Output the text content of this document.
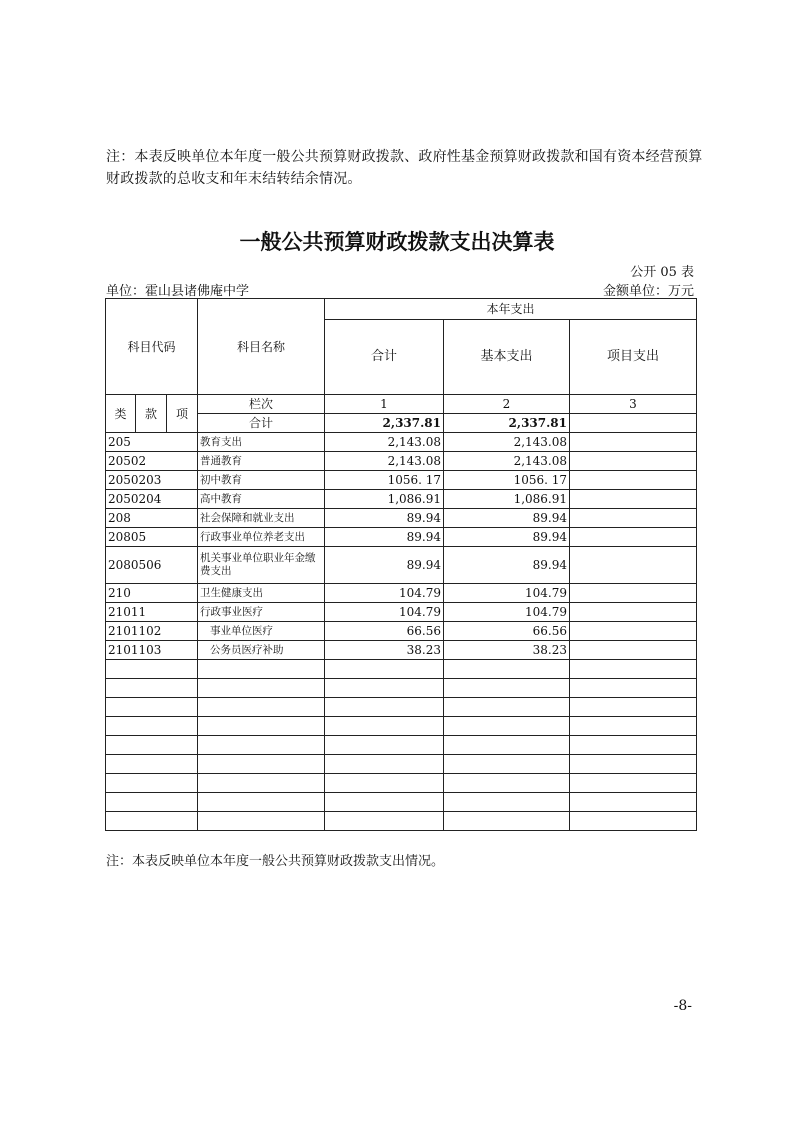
注：本表反映单位本年度一般公共预算财政拨款、政府性基金预算财政拨款和国有资本经营预算财政拨款的总收支和年末结转结余情况。
一般公共预算财政拨款支出决算表
公开 05 表
单位：霍山县诸佛庵中学	金额单位：万元
科目代码			科目名称	本年支出		
				合计	基本支出	项目支出
类	款	项	栏次	1	2	3
			合计	2,337.81	2,337.81	
205			教育支出	2,143.08	2,143.08	
20502			普通教育	2,143.08	2,143.08	
2050203			初中教育	1056. 17	1056. 17	
2050204			高中教育	1,086.91	1,086.91	
208			社会保障和就业支出	89.94	89.94	
20805			行政事业单位养老支出	89.94	89.94	
2080506			机关事业单位职业年金缴费支出	89.94	89.94	
210			卫生健康支出	104.79	104.79	
21011			行政事业医疗	104.79	104.79	
2101102			事业单位医疗	66.56	66.56	
2101103			公务员医疗补助	38.23	38.23	

注：本表反映单位本年度一般公共预算财政拨款支出情况。
-8-
